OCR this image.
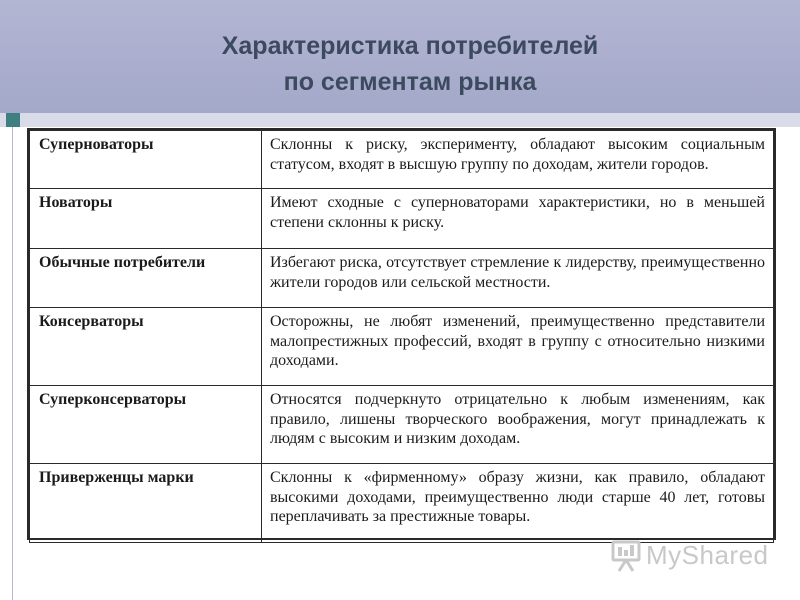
Характеристика потребителей
по сегментам рынка
Суперноваторы	Склонны к риску, эксперименту, обладают высоким социальным статусом, входят в высшую группу по доходам, жители городов.
Новаторы	Имеют сходные с суперноваторами характеристики, но в меньшей степени склонны к риску.
Обычные потребители	Избегают риска, отсутствует стремление к лидерству, преимущественно жители городов или сельской местности.
Консерваторы	Осторожны, не любят изменений, преимущественно представители малопрестижных профессий, входят в группу с относительно низкими доходами.
Суперконсерваторы	Относятся подчеркнуто отрицательно к любым изменениям, как правило, лишены творческого воображения, могут принадлежать к людям с высоким и низким доходам.
Приверженцы марки	Склонны к «фирменному» образу жизни, как правило, обладают высокими доходами, преимущественно люди старше 40 лет, готовы переплачивать за престижные товары.
MyShared
